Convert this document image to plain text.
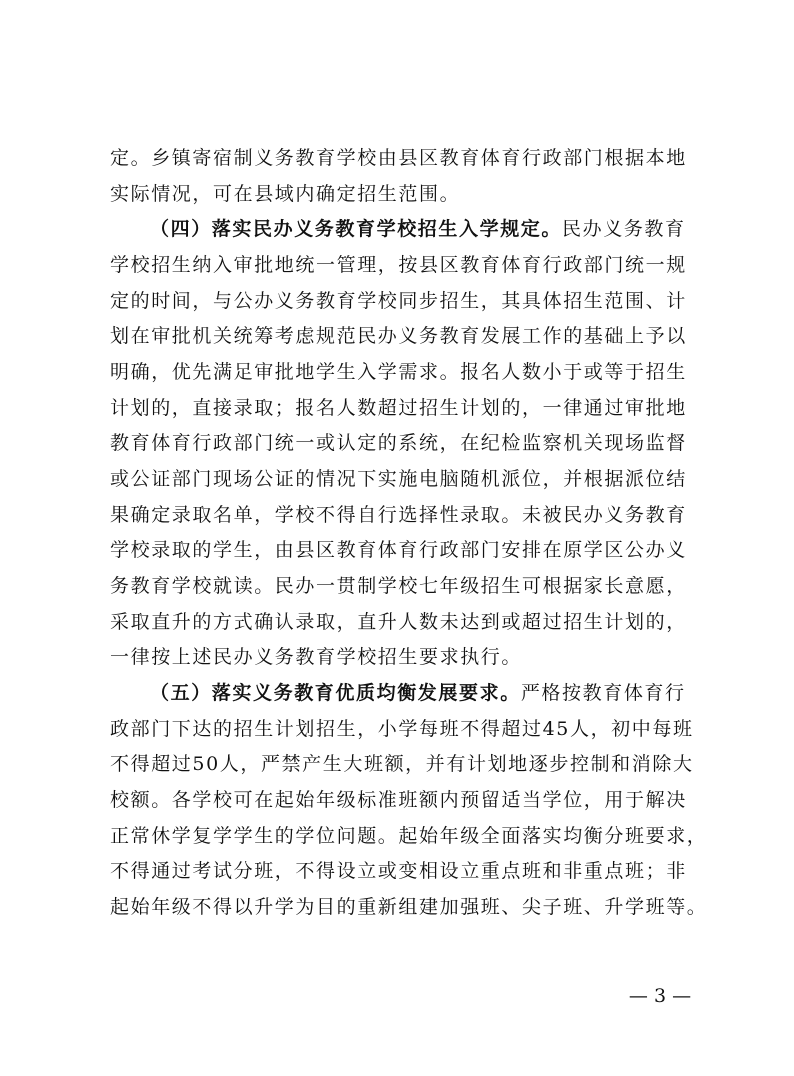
定。乡镇寄宿制义务教育学校由县区教育体育行政部门根据本地
实际情况，可在县域内确定招生范围。
（四）落实民办义务教育学校招生入学规定。民办义务教育
学校招生纳入审批地统一管理，按县区教育体育行政部门统一规
定的时间，与公办义务教育学校同步招生，其具体招生范围、计
划在审批机关统筹考虑规范民办义务教育发展工作的基础上予以
明确，优先满足审批地学生入学需求。报名人数小于或等于招生
计划的，直接录取；报名人数超过招生计划的，一律通过审批地
教育体育行政部门统一或认定的系统，在纪检监察机关现场监督
或公证部门现场公证的情况下实施电脑随机派位，并根据派位结
果确定录取名单，学校不得自行选择性录取。未被民办义务教育
学校录取的学生，由县区教育体育行政部门安排在原学区公办义
务教育学校就读。民办一贯制学校七年级招生可根据家长意愿，
采取直升的方式确认录取，直升人数未达到或超过招生计划的，
一律按上述民办义务教育学校招生要求执行。
（五）落实义务教育优质均衡发展要求。严格按教育体育行
政部门下达的招生计划招生，小学每班不得超过45人，初中每班
不得超过50人，严禁产生大班额，并有计划地逐步控制和消除大
校额。各学校可在起始年级标准班额内预留适当学位，用于解决
正常休学复学学生的学位问题。起始年级全面落实均衡分班要求，
不得通过考试分班，不得设立或变相设立重点班和非重点班；非
起始年级不得以升学为目的重新组建加强班、尖子班、升学班等。
— 3 —
